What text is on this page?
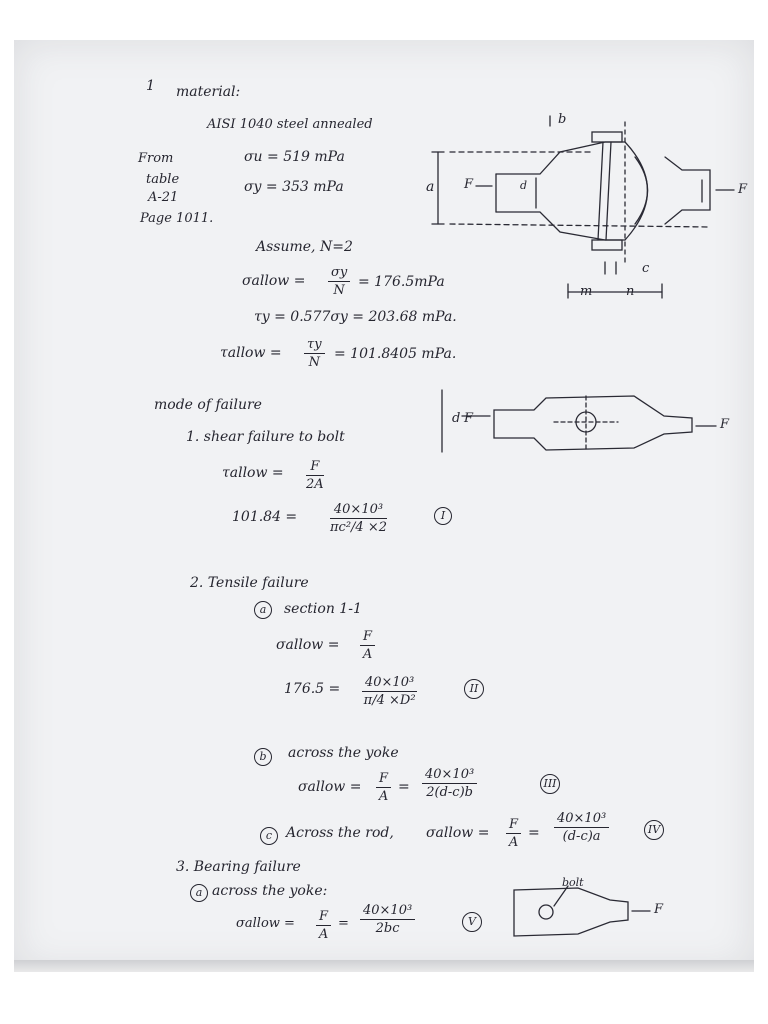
1 material:
AISI 1040 steel annealed
From
table
A-21
Page 1011.
σu = 519 mPa
σy = 353 mPa
Assume, N=2
σallow = $\frac{\sigma y}{N} = 176.5mPa$
τy = 0.577σy = 203.68 mPa.
τallow = $\frac{\tau y}{N} = 101.8405$ mPa.
b
a F	d
c
m	n
F
mode of failure
1. shear failure to bolt
τallow = $\frac{F}{2A}$
101.84 =	$\frac{\text{40×10³}}{\text{πc²/4 ×2}}$	I
d F	F
2. Tensile failure
a	section 1-1
σallow = $\frac{F}{A}$
$176.5 = \frac{\text{40×10³}}{\text{π/4 ×D²}}$	II
b	across the yoke
σallow = $\frac{F}{A} = \frac{\text{40×10³}}{2(d-c)b}$	III
c Across the rod, σallow = $\frac{F}{A} = \frac{\text{40×10³}}{(d-c)a}$	IV
3. Bearing failure
a across the yoke:
σallow = $\frac{F}{A} = \frac{\text{40×10³}}{2bc}$	V
bolt
F
